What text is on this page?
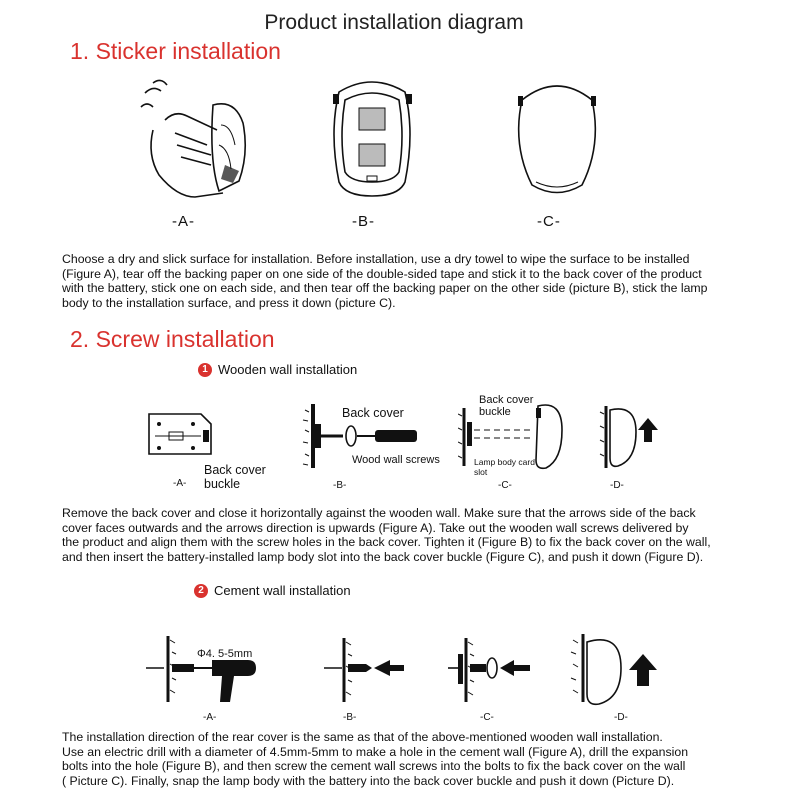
Product installation diagram
1. Sticker installation
-A-	-B-	-C-
Choose a dry and slick surface for installation. Before installation, use a dry towel to wipe the surface to be installed
(Figure A), tear off the backing paper on one side of the double-sided tape and stick it to the back cover of the product
with the battery, stick one on each side, and then tear off the backing paper on the other side (picture B), stick the lamp
body to the installation surface, and press it down (picture C).
2. Screw installation
1 Wooden wall installation
Back cover buckle
-A-
Back cover
Wood wall screws
-B-
Back cover buckle
Lamp body card slot
-C-	-D-
Remove the back cover and close it horizontally against the wooden wall. Make sure that the arrows side of the back
cover faces outwards and the arrows direction is upwards (Figure A). Take out the wooden wall screws delivered by
the product and align them with the screw holes in the back cover. Tighten it (Figure B) to fix the back cover on the wall,
and then insert the battery-installed lamp body slot into the back cover buckle (Figure C), and push it down (Figure D).
2 Cement wall installation
Φ4. 5-5mm
-A-	-B-	-C-	-D-
The installation direction of the rear cover is the same as that of the above-mentioned wooden wall installation.
Use an electric drill with a diameter of 4.5mm-5mm to make a hole in the cement wall (Figure A), drill the expansion
bolts into the hole (Figure B), and then screw the cement wall screws into the bolts to fix the back cover on the wall
( Picture C). Finally, snap the lamp body with the battery into the back cover buckle and push it down (Picture D).
